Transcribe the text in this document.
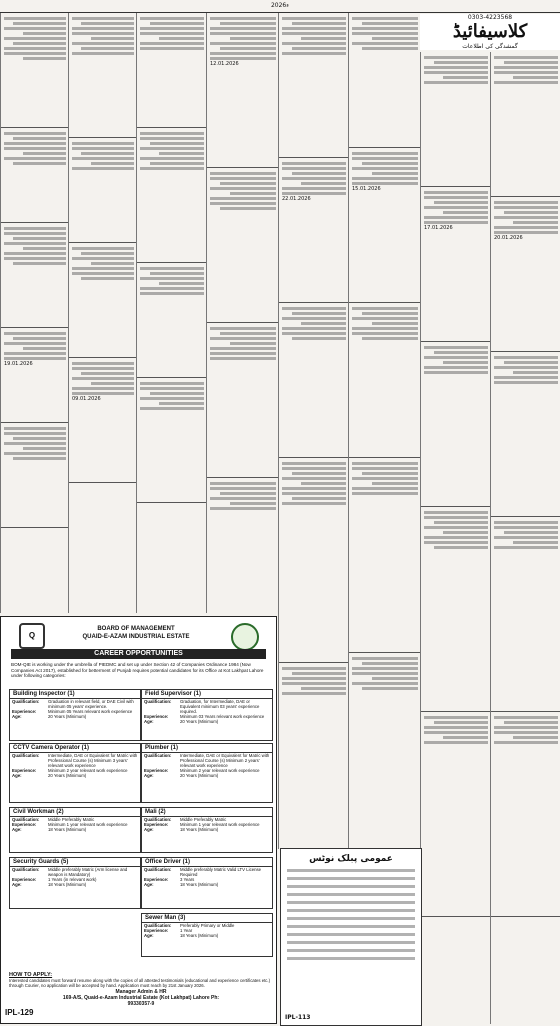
2026ء
19.01.2026
09.01.2026
12.01.2026
22.01.2026
15.01.2026
17.01.2026
20.01.2026
0303-4223568
کلاسیفائیڈ
گمشدگی کی اطلاعات
Q
BOARD OF MANAGEMENT
QUAID-E-AZAM INDUSTRIAL ESTATE
CAREER OPPORTUNITIES
BOM-QIE is working under the umbrella of PIEDMC and set up under Section 42 of Companies Ordinance 1984 (Now Companies Act 2017), established for betterment of Punjab requires potential candidates for its Office at Kot Lakhpat Lahore under following categories:
Building Inspector (1)
Qualification:	Graduation in relevant field, or DAE Civil with minimum 05 years' experience.
Experience:	Minimum 05 Years relevant work experience
Age:	20 Years (Minimum)
Field Supervisor (1)
Qualification:	Graduation, for Intermediate, DAE or Equivalent minimum 03 years' experience required.
Experience:	Minimum 03 Years relevant work experience
Age:	20 Years (Minimum)
CCTV Camera Operator (1)
Qualification:	Intermediate, DAE or Equivalent for Matric with Professional Course (s) Minimum 3 years' relevant work experience
Experience:	Minimum 2 year relevant work experience
Age:	20 Years (Minimum)
Plumber (1)
Qualification:	Intermediate, DAE or Equivalent for Matric with Professional Course (s) Minimum 2 years' relevant work experience
Experience:	Minimum 2 year relevant work experience
Age:	20 Years (Minimum)
Civil Workman (2)
Qualification:	Middle Preferably Matric
Experience:	Minimum 1 year relevant work experience
Age:	18 Years (Minimum)
Mali (2)
Qualification:	Middle Preferably Matric
Experience:	Minimum 1 year relevant work experience
Age:	18 Years (Minimum)
Security Guards (5)
Qualification:	Middle preferably Matric (Arm license and weapon is Mandatory)
Experience:	1 Years (in relevant work)
Age:	18 Years (Minimum)
Office Driver (1)
Qualification:	Middle preferably Matric Valid LTV License Required
Experience:	3 Years
Age:	18 Years (Minimum)
Sewer Man (3)
Qualification:	Preferably Primary or Middle
Experience:	1 Year
Age:	18 Years (Minimum)
HOW TO APPLY:
Interested candidates must forward resume along with the copies of all attested testimonials (educational and experience certificates etc.) through Courier, no application will be accepted by hand. Application must reach by 21st January 2026.
Manager Admin & HR
169-A/S, Quaid-e-Azam Industrial Estate (Kot Lakhpat) Lahore Ph: 99330357-9
IPL-129
عمومی پبلک نوٹس
IPL-113
